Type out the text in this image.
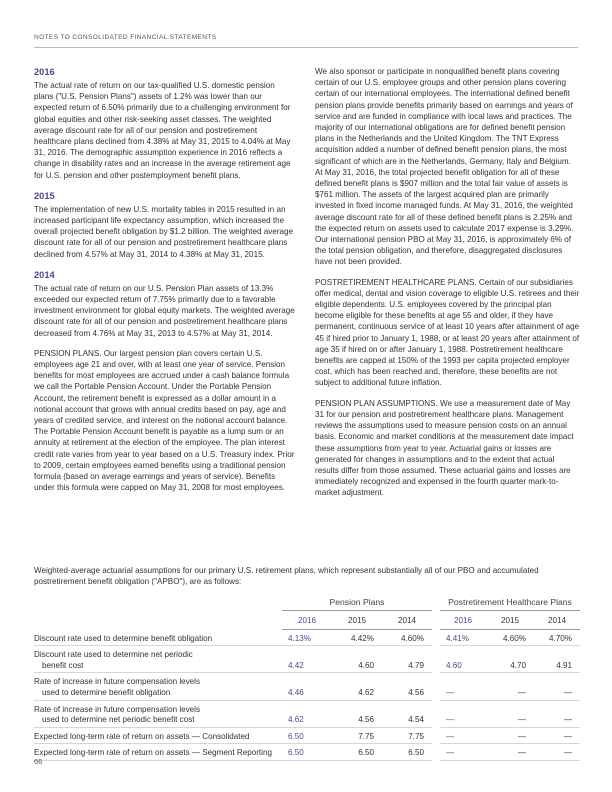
NOTES TO CONSOLIDATED FINANCIAL STATEMENTS
2016

The actual rate of return on our tax-qualified U.S. domestic pension plans ("U.S. Pension Plans") assets of 1.2% was lower than our expected return of 6.50% primarily due to a challenging environment for global equities and other risk-seeking asset classes. The weighted average discount rate for all of our pension and postretirement healthcare plans declined from 4.38% at May 31, 2015 to 4.04% at May 31, 2016. The demographic assumption experience in 2016 reflects a change in disability rates and an increase in the average retirement age for U.S. pension and other postemployment benefit plans.

2015

The implementation of new U.S. mortality tables in 2015 resulted in an increased participant life expectancy assumption, which increased the overall projected benefit obligation by $1.2 billion. The weighted average discount rate for all of our pension and postretirement healthcare plans declined from 4.57% at May 31, 2014 to 4.38% at May 31, 2015.

2014

The actual rate of return on our U.S. Pension Plan assets of 13.3% exceeded our expected return of 7.75% primarily due to a favorable investment environment for global equity markets. The weighted average discount rate for all of our pension and postretirement healthcare plans decreased from 4.76% at May 31, 2013 to 4.57% at May 31, 2014.

PENSION PLANS. Our largest pension plan covers certain U.S. employees age 21 and over, with at least one year of service. Pension benefits for most employees are accrued under a cash balance formula we call the Portable Pension Account. Under the Portable Pension Account, the retirement benefit is expressed as a dollar amount in a notional account that grows with annual credits based on pay, age and years of credited service, and interest on the notional account balance. The Portable Pension Account benefit is payable as a lump sum or an annuity at retirement at the election of the employee. The plan interest credit rate varies from year to year based on a U.S. Treasury index. Prior to 2009, certain employees earned benefits using a traditional pension formula (based on average earnings and years of service). Benefits under this formula were capped on May 31, 2008 for most employees.

We also sponsor or participate in nonqualified benefit plans covering certain of our U.S. employee groups and other pension plans covering certain of our international employees. The international defined benefit pension plans provide benefits primarily based on earnings and years of service and are funded in compliance with local laws and practices. The majority of our international obligations are for defined benefit pension plans in the Netherlands and the United Kingdom. The TNT Express acquisition added a number of defined benefit pension plans, the most significant of which are in the Netherlands, Germany, Italy and Belgium. At May 31, 2016, the total projected benefit obligation for all of these defined benefit plans is $907 million and the total fair value of assets is $761 million. The assets of the largest acquired plan are primarily invested in fixed income managed funds. At May 31, 2016, the weighted average discount rate for all of these defined benefit plans is 2.25% and the expected return on assets used to calculate 2017 expense is 3.29%. Our international pension PBO at May 31, 2016, is approximately 6% of the total pension obligation, and therefore, disaggregated disclosures have not been provided.

POSTRETIREMENT HEALTHCARE PLANS. Certain of our subsidiaries offer medical, dental and vision coverage to eligible U.S. retirees and their eligible dependents. U.S. employees covered by the principal plan become eligible for these benefits at age 55 and older, if they have permanent, continuous service of at least 10 years after attainment of age 45 if hired prior to January 1, 1988, or at least 20 years after attainment of age 35 if hired on or after January 1, 1988. Postretirement healthcare benefits are capped at 150% of the 1993 per capita projected employer cost, which has been reached and, therefore, these benefits are not subject to additional future inflation.

PENSION PLAN ASSUMPTIONS. We use a measurement date of May 31 for our pension and postretirement healthcare plans. Management reviews the assumptions used to measure pension costs on an annual basis. Economic and market conditions at the measurement date impact these assumptions from year to year. Actuarial gains or losses are generated for changes in assumptions and to the extent that actual results differ from those assumed. These actuarial gains and losses are immediately recognized and expensed in the fourth quarter mark-to-market adjustment.

Weighted-average actuarial assumptions for our primary U.S. retirement plans, which represent substantially all of our PBO and accumulated postretirement benefit obligation ("APBO"), are as follows:

	Pension Plans				Postretirement Healthcare Plans		
	2016	2015	2014		2016	2015	2014
Discount rate used to determine benefit obligation	4.13%	4.42%	4.60%		4.41%	4.60%	4.70%
Discount rate used to determine net periodic
benefit cost	4.42	4.60	4.79		4.60	4.70	4.91
Rate of increase in future compensation levels
used to determine benefit obligation	4.46	4.62	4.56		—	—	—
Rate of increase in future compensation levels
used to determine net periodic benefit cost	4.62	4.56	4.54		—	—	—
Expected long-term rate of return on assets — Consolidated	6.50	7.75	7.75		—	—	—
Expected long-term rate of return on assets — Segment Reporting	6.50	6.50	6.50		—	—	—
66
